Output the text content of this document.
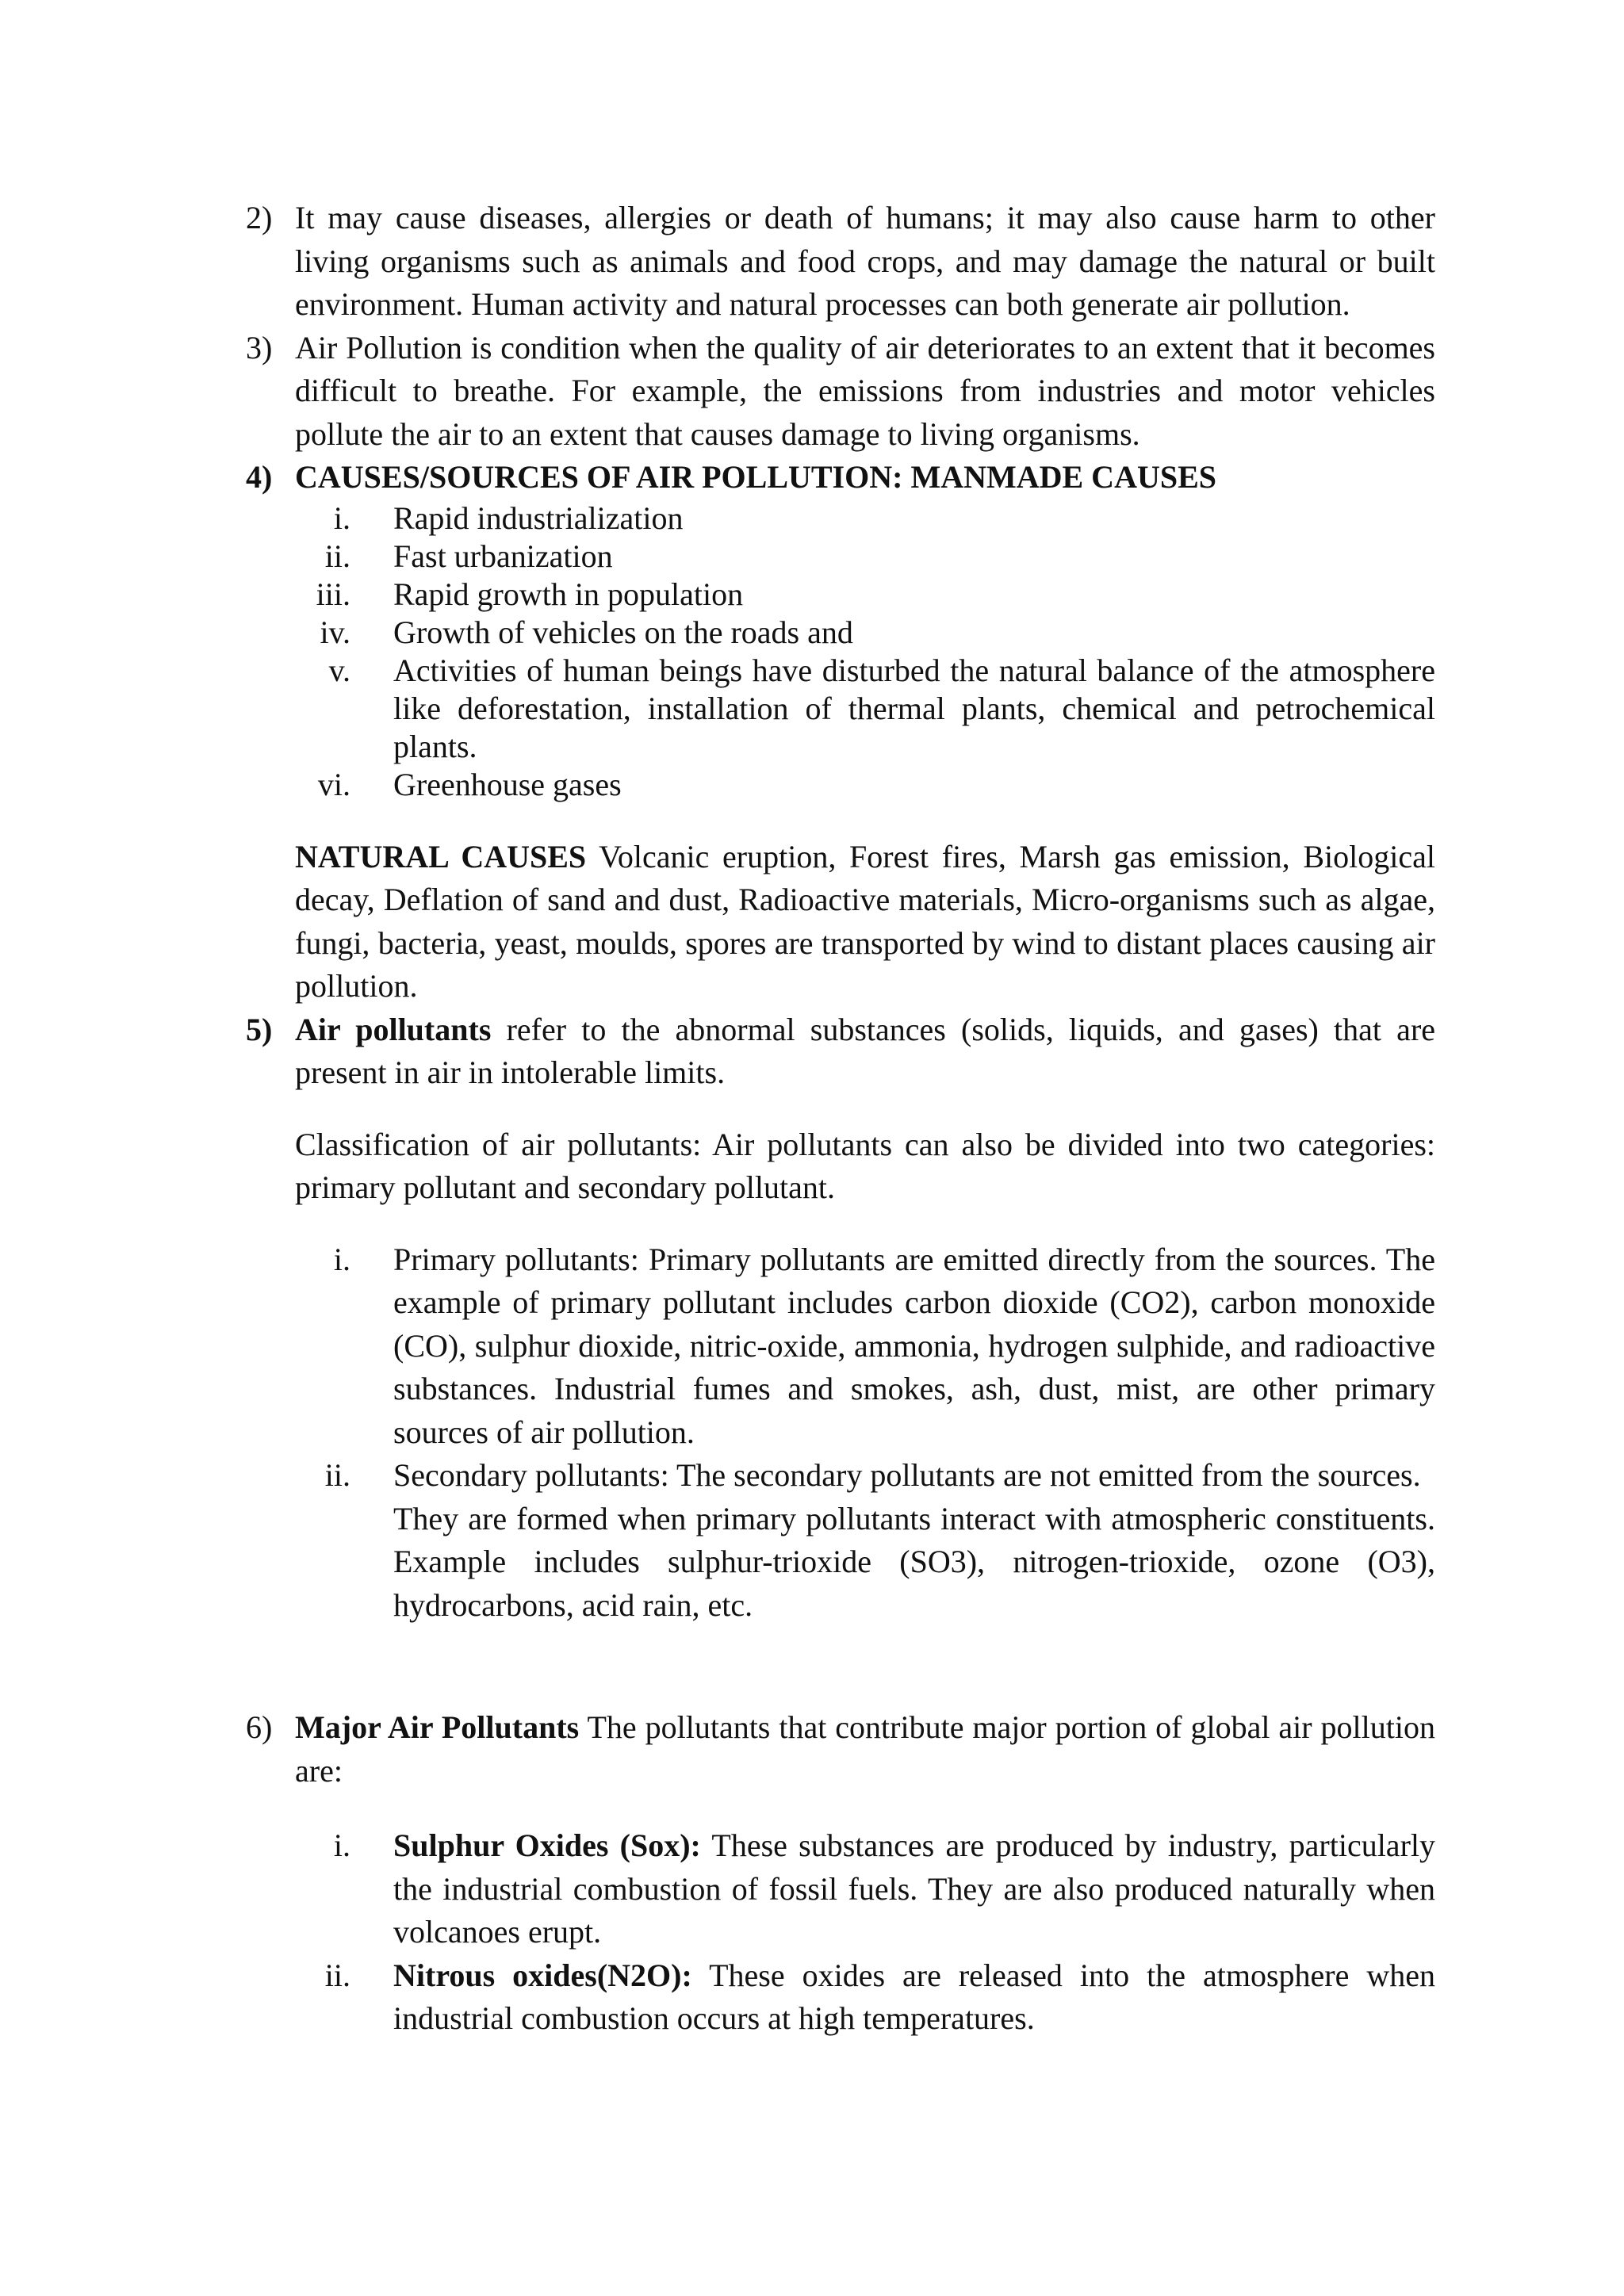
2) It may cause diseases, allergies or death of humans; it may also cause harm to other living organisms such as animals and food crops, and may damage the natural or built environment. Human activity and natural processes can both generate air pollution.
3) Air Pollution is condition when the quality of air deteriorates to an extent that it becomes difficult to breathe. For example, the emissions from industries and motor vehicles pollute the air to an extent that causes damage to living organisms.
4) CAUSES/SOURCES OF AIR POLLUTION: MANMADE CAUSES
i. Rapid industrialization
ii. Fast urbanization
iii. Rapid growth in population
iv. Growth of vehicles on the roads and
v. Activities of human beings have disturbed the natural balance of the atmosphere like deforestation, installation of thermal plants, chemical and petrochemical plants.
vi. Greenhouse gases
NATURAL CAUSES Volcanic eruption, Forest fires, Marsh gas emission, Biological decay, Deflation of sand and dust, Radioactive materials, Micro-organisms such as algae, fungi, bacteria, yeast, moulds, spores are transported by wind to distant places causing air pollution.
5) Air pollutants refer to the abnormal substances (solids, liquids, and gases) that are present in air in intolerable limits.
Classification of air pollutants: Air pollutants can also be divided into two categories: primary pollutant and secondary pollutant.
i. Primary pollutants: Primary pollutants are emitted directly from the sources. The example of primary pollutant includes carbon dioxide (CO2), carbon monoxide (CO), sulphur dioxide, nitric-oxide, ammonia, hydrogen sulphide, and radioactive substances. Industrial fumes and smokes, ash, dust, mist, are other primary sources of air pollution.
ii. Secondary pollutants: The secondary pollutants are not emitted from the sources.
They are formed when primary pollutants interact with atmospheric constituents. Example includes sulphur-trioxide (SO3), nitrogen-trioxide, ozone (O3), hydrocarbons, acid rain, etc.
6) Major Air Pollutants The pollutants that contribute major portion of global air pollution are:
i. Sulphur Oxides (Sox): These substances are produced by industry, particularly the industrial combustion of fossil fuels. They are also produced naturally when volcanoes erupt.
ii. Nitrous oxides(N2O): These oxides are released into the atmosphere when industrial combustion occurs at high temperatures.
